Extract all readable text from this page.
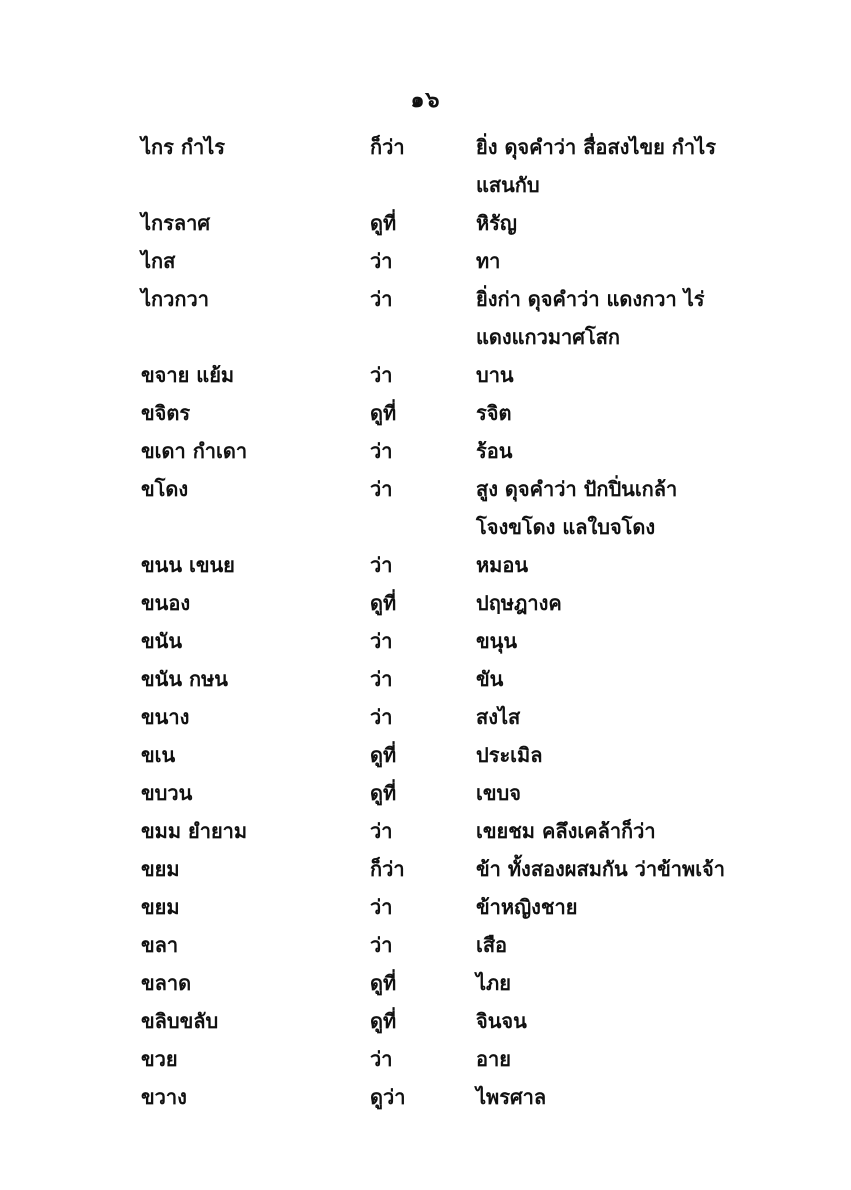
๑๖
ไกร กำไร	ก็ว่า	ยิ่ง ดุจคำว่า สื่อสงไขย กำไร
แสนกับ
ไกรลาศ	ดูที่	หิรัญ
ไกส	ว่า	ทา
ไกวกวา	ว่า	ยิ่งก่า ดุจคำว่า แดงกวา ไร่
แดงแกวมาศโสก
ขจาย แย้ม	ว่า	บาน
ขจิตร	ดูที่	รจิต
ขเดา กำเดา	ว่า	ร้อน
ขโดง	ว่า	สูง ดุจคำว่า ปักปิ่นเกล้า
โจงขโดง แลใบจโดง
ขนน เขนย	ว่า	หมอน
ขนอง	ดูที่	ปฤษฎางค
ขนัน	ว่า	ขนุน
ขนัน กษน	ว่า	ขัน
ขนาง	ว่า	สงไส
ขเน	ดูที่	ประเมิล
ขบวน	ดูที่	เขบจ
ขมม ยำยาม	ว่า	เขยชม คลึงเคล้าก็ว่า
ขยม	ก็ว่า	ข้า ทั้งสองผสมกัน ว่าข้าพเจ้า
ขยม	ว่า	ข้าหญิงชาย
ขลา	ว่า	เสือ
ขลาด	ดูที่	ไภย
ขลิบขลับ	ดูที่	จินจน
ขวย	ว่า	อาย
ขวาง	ดูว่า	ไพรศาล
